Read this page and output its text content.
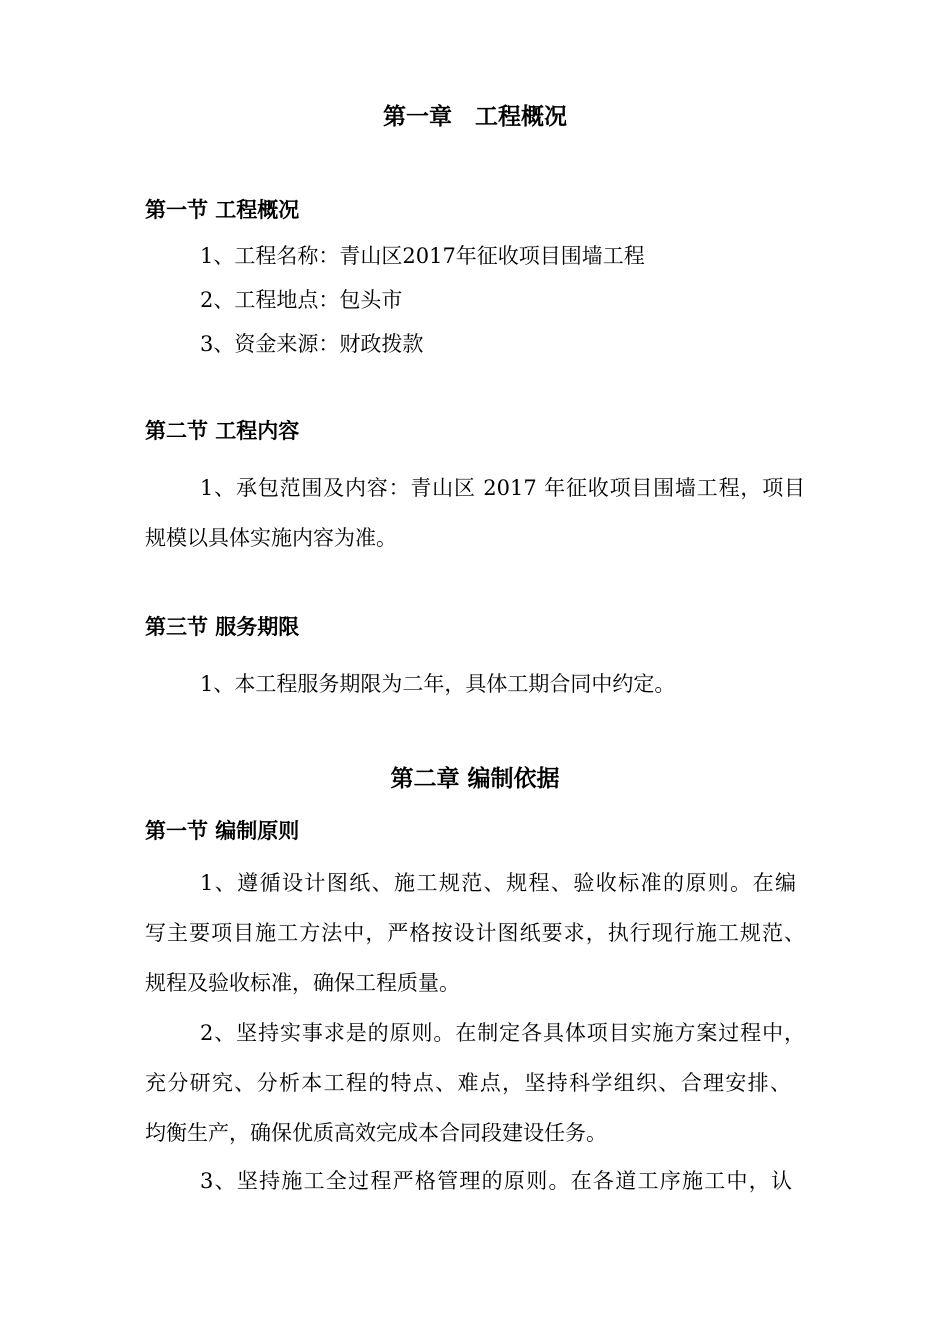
第一章　工程概况
第一节 工程概况
1、工程名称：青山区2017年征收项目围墙工程
2、工程地点：包头市
3、资金来源：财政拨款
第二节 工程内容
1、承包范围及内容：青山区 2017 年征收项目围墙工程，项目
规模以具体实施内容为准。
第三节 服务期限
1、本工程服务期限为二年，具体工期合同中约定。
第二章 编制依据
第一节 编制原则
1、遵循设计图纸、施工规范、规程、验收标准的原则。在编
写主要项目施工方法中，严格按设计图纸要求，执行现行施工规范、
规程及验收标准，确保工程质量。
2、坚持实事求是的原则。在制定各具体项目实施方案过程中，
充分研究、分析本工程的特点、难点，坚持科学组织、合理安排、
均衡生产，确保优质高效完成本合同段建设任务。
3、坚持施工全过程严格管理的原则。在各道工序施工中，认
